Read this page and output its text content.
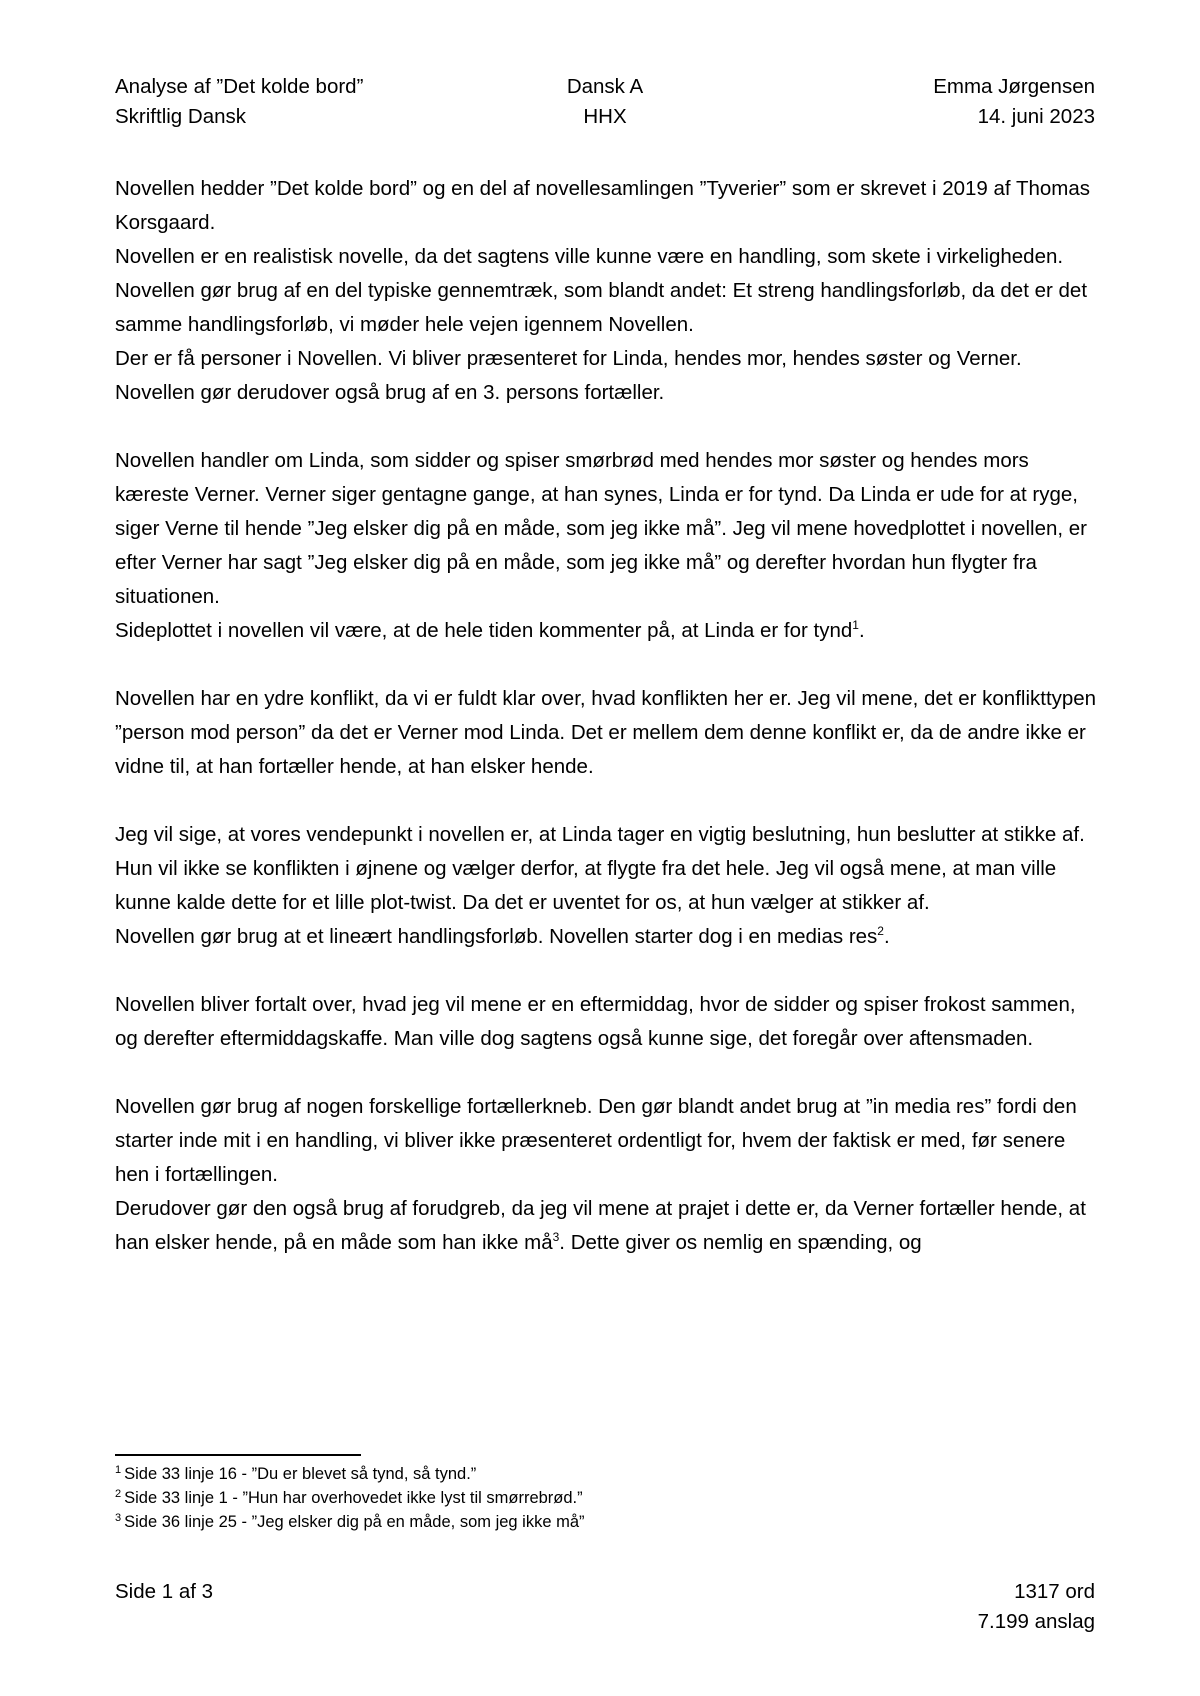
Analyse af ”Det kolde bord”	Dansk A	Emma Jørgensen
Skriftlig Dansk	HHX	14. juni 2023

Novellen hedder ”Det kolde bord” og en del af novellesamlingen ”Tyverier” som er skrevet i 2019 af Thomas Korsgaard.

Novellen er en realistisk novelle, da det sagtens ville kunne være en handling, som skete i virkeligheden.

Novellen gør brug af en del typiske gennemtræk, som blandt andet: Et streng handlingsforløb, da det er det samme handlingsforløb, vi møder hele vejen igennem Novellen.

Der er få personer i Novellen. Vi bliver præsenteret for Linda, hendes mor, hendes søster og Verner.

Novellen gør derudover også brug af en 3. persons fortæller.

Novellen handler om Linda, som sidder og spiser smørbrød med hendes mor søster og hendes mors kæreste Verner. Verner siger gentagne gange, at han synes, Linda er for tynd. Da Linda er ude for at ryge, siger Verne til hende ”Jeg elsker dig på en måde, som jeg ikke må”. Jeg vil mene hovedplottet i novellen, er efter Verner har sagt ”Jeg elsker dig på en måde, som jeg ikke må” og derefter hvordan hun flygter fra situationen.

Sideplottet i novellen vil være, at de hele tiden kommenter på, at Linda er for tynd$^1$.

Novellen har en ydre konflikt, da vi er fuldt klar over, hvad konflikten her er. Jeg vil mene, det er konflikttypen ”person mod person” da det er Verner mod Linda. Det er mellem dem denne konflikt er, da de andre ikke er vidne til, at han fortæller hende, at han elsker hende.

Jeg vil sige, at vores vendepunkt i novellen er, at Linda tager en vigtig beslutning, hun beslutter at stikke af. Hun vil ikke se konflikten i øjnene og vælger derfor, at flygte fra det hele. Jeg vil også mene, at man ville kunne kalde dette for et lille plot-twist. Da det er uventet for os, at hun vælger at stikker af.

Novellen gør brug at et lineært handlingsforløb. Novellen starter dog i en medias res$^2$.

Novellen bliver fortalt over, hvad jeg vil mene er en eftermiddag, hvor de sidder og spiser frokost sammen, og derefter eftermiddagskaffe. Man ville dog sagtens også kunne sige, det foregår over aftensmaden.

Novellen gør brug af nogen forskellige fortællerkneb. Den gør blandt andet brug at ”in media res” fordi den starter inde mit i en handling, vi bliver ikke præsenteret ordentligt for, hvem der faktisk er med, før senere hen i fortællingen.

Derudover gør den også brug af forudgreb, da jeg vil mene at prajet i dette er, da Verner fortæller hende, at han elsker hende, på en måde som han ikke må$^3$. Dette giver os nemlig en spænding, og

$^1$ Side 33 linje 16 - ”Du er blevet så tynd, så tynd.”
$^2$ Side 33 linje 1 - ”Hun har overhovedet ikke lyst til smørrebrød.”
$^3$ Side 36 linje 25 - ”Jeg elsker dig på en måde, som jeg ikke må”
Side 1 af 3	1317 ord
7.199 anslag
